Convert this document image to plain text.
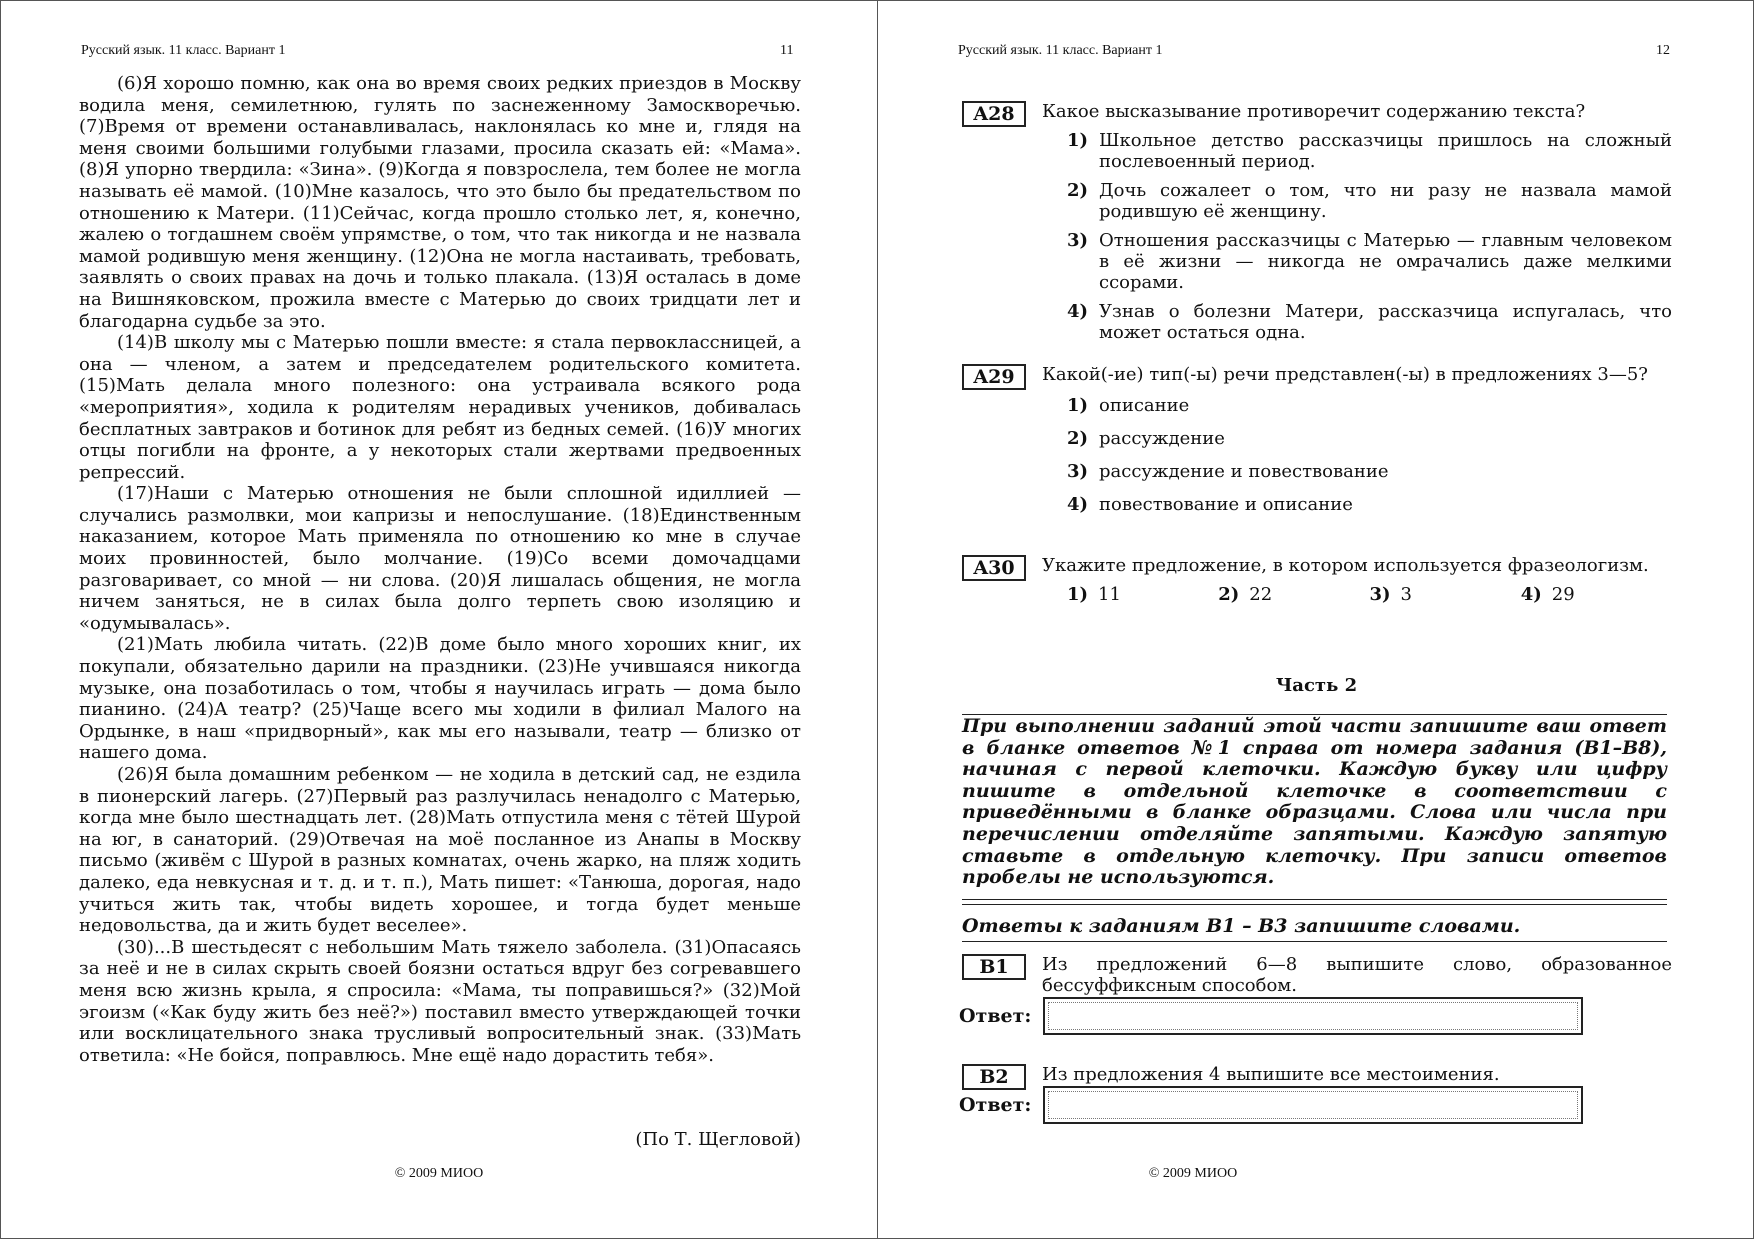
Русский язык. 11 класс. Вариант 1	11

(6)Я хорошо помню, как она во время своих редких приездов в Москву водила меня, семилетнюю, гулять по заснеженному Замоскворечью. (7)Время от времени останавливалась, наклонялась ко мне и, глядя на меня своими большими голубыми глазами, просила сказать ей: «Мама». (8)Я упорно твердила: «Зина». (9)Когда я повзрослела, тем более не могла называть её мамой. (10)Мне казалось, что это было бы предательством по отношению к Матери. (11)Сейчас, когда прошло столько лет, я, конечно, жалею о тогдашнем своём упрямстве, о том, что так никогда и не назвала мамой родившую меня женщину. (12)Она не могла настаивать, требовать, заявлять о своих правах на дочь и только плакала. (13)Я осталась в доме на Вишняковском, прожила вместе с Матерью до своих тридцати лет и благодарна судьбе за это.

(14)В школу мы с Матерью пошли вместе: я стала первоклассницей, а она — членом, а затем и председателем родительского комитета. (15)Мать делала много полезного: она устраивала всякого рода «мероприятия», ходила к родителям нерадивых учеников, добивалась бесплатных завтраков и ботинок для ребят из бедных семей. (16)У многих отцы погибли на фронте, а у некоторых стали жертвами предвоенных репрессий.

(17)Наши с Матерью отношения не были сплошной идиллией — случались размолвки, мои капризы и непослушание. (18)Единственным наказанием, которое Мать применяла по отношению ко мне в случае моих провинностей, было молчание. (19)Со всеми домочадцами разговаривает, со мной — ни слова. (20)Я лишалась общения, не могла ничем заняться, не в силах была долго терпеть свою изоляцию и «одумывалась».

(21)Мать любила читать. (22)В доме было много хороших книг, их покупали, обязательно дарили на праздники. (23)Не учившаяся никогда музыке, она позаботилась о том, чтобы я научилась играть — дома было пианино. (24)А театр? (25)Чаще всего мы ходили в филиал Малого на Ордынке, в наш «придворный», как мы его называли, театр — близко от нашего дома.

(26)Я была домашним ребенком — не ходила в детский сад, не ездила в пионерский лагерь. (27)Первый раз разлучилась ненадолго с Матерью, когда мне было шестнадцать лет. (28)Мать отпустила меня с тётей Шурой на юг, в санаторий. (29)Отвечая на моё посланное из Анапы в Москву письмо (живём с Шурой в разных комнатах, очень жарко, на пляж ходить далеко, еда невкусная и т. д. и т. п.), Мать пишет: «Танюша, дорогая, надо учиться жить так, чтобы видеть хорошее, и тогда будет меньше недовольства, да и жить будет веселее».

(30)...В шестьдесят с небольшим Мать тяжело заболела. (31)Опасаясь за неё и не в силах скрыть своей боязни остаться вдруг без согревавшего меня всю жизнь крыла, я спросила: «Мама, ты поправишься?» (32)Мой эгоизм («Как буду жить без неё?») поставил вместо утверждающей точки или восклицательного знака трусливый вопросительный знак. (33)Мать ответила: «Не бойся, поправлюсь. Мне ещё надо дорастить тебя».

(По Т. Щегловой)
© 2009 МИОО
Русский язык. 11 класс. Вариант 1	12
A28	Какое высказывание противоречит содержанию текста?
1) Школьное детство рассказчицы пришлось на сложный послевоенный период.
2) Дочь сожалеет о том, что ни разу не назвала мамой родившую её женщину.
3) Отношения рассказчицы с Матерью — главным человеком в её жизни — никогда не омрачались даже мелкими ссорами.
4) Узнав о болезни Матери, рассказчица испугалась, что может остаться одна.
A29	Какой(-ие) тип(-ы) речи представлен(-ы) в предложениях 3—5?
1) описание
2) рассуждение
3) рассуждение и повествование
4) повествование и описание
A30	Укажите предложение, в котором используется фразеологизм.
1) 11	2) 22	3) 3	4) 29
Часть 2
При выполнении заданий этой части запишите ваш ответ в бланке ответов №1 справа от номера задания (В1–В8), начиная с первой клеточки. Каждую букву или цифру пишите в отдельной клеточке в соответствии с приведёнными в бланке образцами. Слова или числа при перечислении отделяйте запятыми. Каждую запятую ставьте в отдельную клеточку. При записи ответов пробелы не используются.
Ответы к заданиям В1 – В3 запишите словами.
B1	Из предложений 6—8 выпишите слово, образованное бессуффиксным способом.
Ответ:
B2	Из предложения 4 выпишите все местоимения.
Ответ:
© 2009 МИОО
